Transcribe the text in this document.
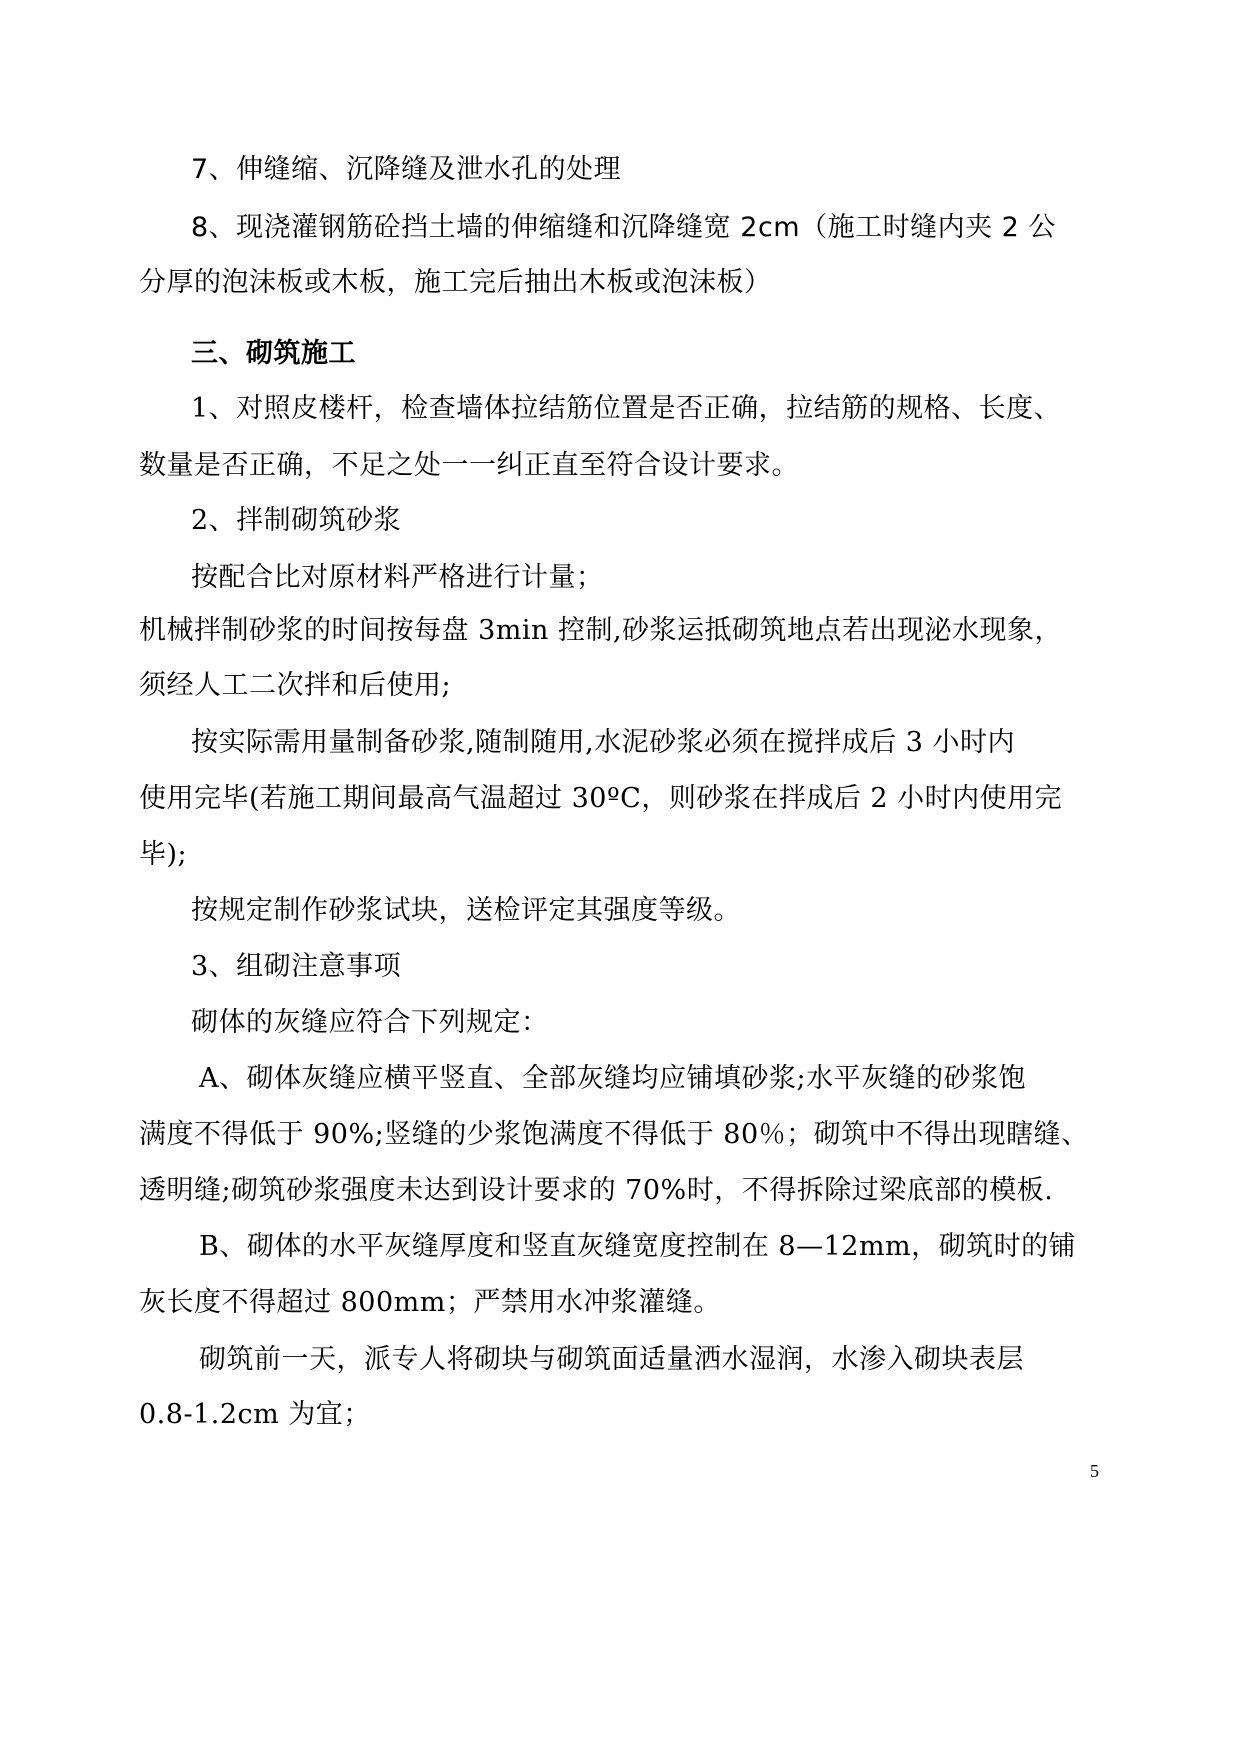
7、伸缝缩、沉降缝及泄水孔的处理
8、现浇灌钢筋砼挡土墙的伸缩缝和沉降缝宽 2cm（施工时缝内夹 2 公
分厚的泡沫板或木板，施工完后抽出木板或泡沫板）
三、砌筑施工
1、对照皮楼杆，检查墙体拉结筋位置是否正确，拉结筋的规格、长度、
数量是否正确，不足之处一一纠正直至符合设计要求。
2、拌制砌筑砂浆
按配合比对原材料严格进行计量；
机械拌制砂浆的时间按每盘 3min 控制,砂浆运抵砌筑地点若出现泌水现象，
须经人工二次拌和后使用;
按实际需用量制备砂浆,随制随用,水泥砂浆必须在搅拌成后 3 小时内
使用完毕(若施工期间最高气温超过 30ºC，则砂浆在拌成后 2 小时内使用完
毕);
按规定制作砂浆试块，送检评定其强度等级。
3、组砌注意事项
砌体的灰缝应符合下列规定：
A、砌体灰缝应横平竖直、全部灰缝均应铺填砂浆;水平灰缝的砂浆饱
满度不得低于 90%;竖缝的少浆饱满度不得低于 80％；砌筑中不得出现瞎缝、
透明缝;砌筑砂浆强度未达到设计要求的 70%时，不得拆除过梁底部的模板.
B、砌体的水平灰缝厚度和竖直灰缝宽度控制在 8—12mm，砌筑时的铺
灰长度不得超过 800mm；严禁用水冲浆灌缝。
砌筑前一天，派专人将砌块与砌筑面适量洒水湿润，水渗入砌块表层
0.8-1.2cm 为宜；
5
